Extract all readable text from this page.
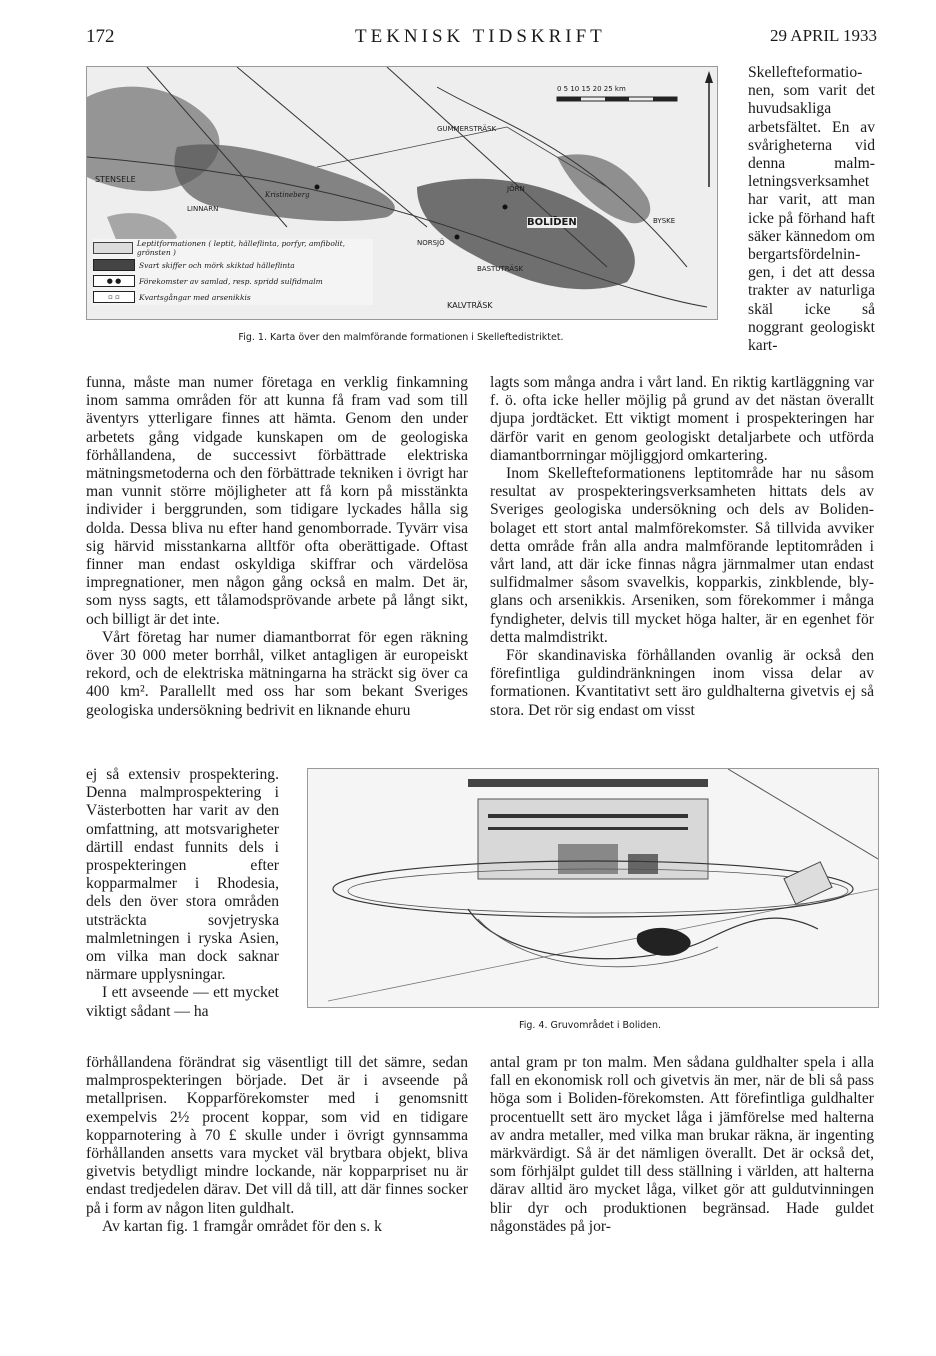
172	TEKNISK TIDSKRIFT	29 APRIL 1933
0 5 10 15 20 25 km
BOLIDEN
KALVTRÄSK
BASTUTRÄSK
GUMMERSTRÄSK
STENSELE
LINNARN
NORSJÖ
JÖRN
BYSKE
Kristineberg
Leptitformationen ( leptit, hälleflinta, porfyr, amfibolit, grönsten )
Svart skiffer och mörk skiktad hälleflinta
● ●	Förekomster av samlad, resp. spridd sulfidmalm
▫ ▫	Kvartsgångar med arsenikkis
Fig. 1. Karta över den malmförande formationen i Skelleftedistriktet.

Skellefteformationen, som varit det huvudsakliga arbetsfältet. En av svårigheterna vid denna malmletningsverksamhet har varit, att man icke på förhand haft säker kännedom om bergartsfördelningen, i det att dessa trakter av naturliga skäl icke så noggrant geologiskt kart-

funna, måste man numer företaga en verklig finkamning inom samma områden för att kunna få fram vad som till äventyrs ytterligare finnes att hämta. Genom den under arbetets gång vidgade kunskapen om de geologiska förhållandena, de successivt förbättrade elektriska mätningsmetoderna och den förbättrade tekniken i övrigt har man vunnit större möjligheter att få korn på misstänkta individer i berggrunden, som tidigare lyckades hålla sig dolda. Dessa bliva nu efter hand genomborrade. Tyvärr visa sig härvid misstankarna alltför ofta oberättigade. Oftast finner man endast oskyldiga skiffrar och värdelösa impregnationer, men någon gång också en malm. Det är, som nyss sagts, ett tålamodsprövande arbete på långt sikt, och billigt är det inte.

Vårt företag har numer diamantborrat för egen räkning över 30 000 meter borrhål, vilket antagligen är europeiskt rekord, och de elektriska mätningarna ha sträckt sig över ca 400 km². Parallellt med oss har som bekant Sveriges geologiska undersökning bedrivit en liknande ehuru

ej så extensiv prospektering. Denna malmprospektering i Västerbotten har varit av den omfattning, att motsvarigheter därtill endast funnits dels i prospekteringen efter kopparmalmer i Rhodesia, dels den över stora områden utsträckta sovjetryska malmletningen i ryska Asien, om vilka man dock saknar närmare upplysningar.

I ett avseende — ett mycket viktigt sådant — ha

förhållandena förändrat sig väsentligt till det sämre, sedan malmprospekteringen började. Det är i avseende på metallprisen. Kopparförekomster med i genomsnitt exempelvis 2½ procent koppar, som vid en tidigare kopparnotering à 70 £ skulle under i övrigt gynnsamma förhållanden ansetts vara mycket väl brytbara objekt, bliva givetvis betydligt mindre lockande, när kopparpriset nu är endast tredjedelen därav. Det vill då till, att där finnes socker på i form av någon liten guldhalt.

Av kartan fig. 1 framgår området för den s. k

lagts som många andra i vårt land. En riktig kartläggning var f. ö. ofta icke heller möjlig på grund av det nästan överallt djupa jordtäcket. Ett viktigt moment i prospekteringen har därför varit en genom geologiskt detaljarbete och utförda diamantborrningar möjliggjord omkartering.

Inom Skellefteformationens leptitområde har nu såsom resultat av prospekteringsverksamheten hittats dels av Sveriges geologiska undersökning och dels av Boliden-bolaget ett stort antal malmförekomster. Så tillvida avviker detta område från alla andra malmförande leptitområden i vårt land, att där icke finnas några järnmalmer utan endast sulfidmalmer såsom svavelkis, kopparkis, zinkblende, blyglans och arsenikkis. Arseniken, som förekommer i många fyndigheter, delvis till mycket höga halter, är en egenhet för detta malmdistrikt.

För skandinaviska förhållanden ovanlig är också den förefintliga guldindränkningen inom vissa delar av formationen. Kvantitativt sett äro guldhalterna givetvis ej så stora. Det rör sig endast om visst

Fig. 4. Gruvområdet i Boliden.

antal gram pr ton malm. Men sådana guldhalter spela i alla fall en ekonomisk roll och givetvis än mer, när de bli så pass höga som i Boliden-förekomsten. Att förefintliga guldhalter procentuellt sett äro mycket låga i jämförelse med halterna av andra metaller, med vilka man brukar räkna, är ingenting märkvärdigt. Så är det nämligen överallt. Det är också det, som förhjälpt guldet till dess ställning i världen, att halterna därav alltid äro mycket låga, vilket gör att guldutvinningen blir dyr och produktionen begränsad. Hade guldet någonstädes på jor-
